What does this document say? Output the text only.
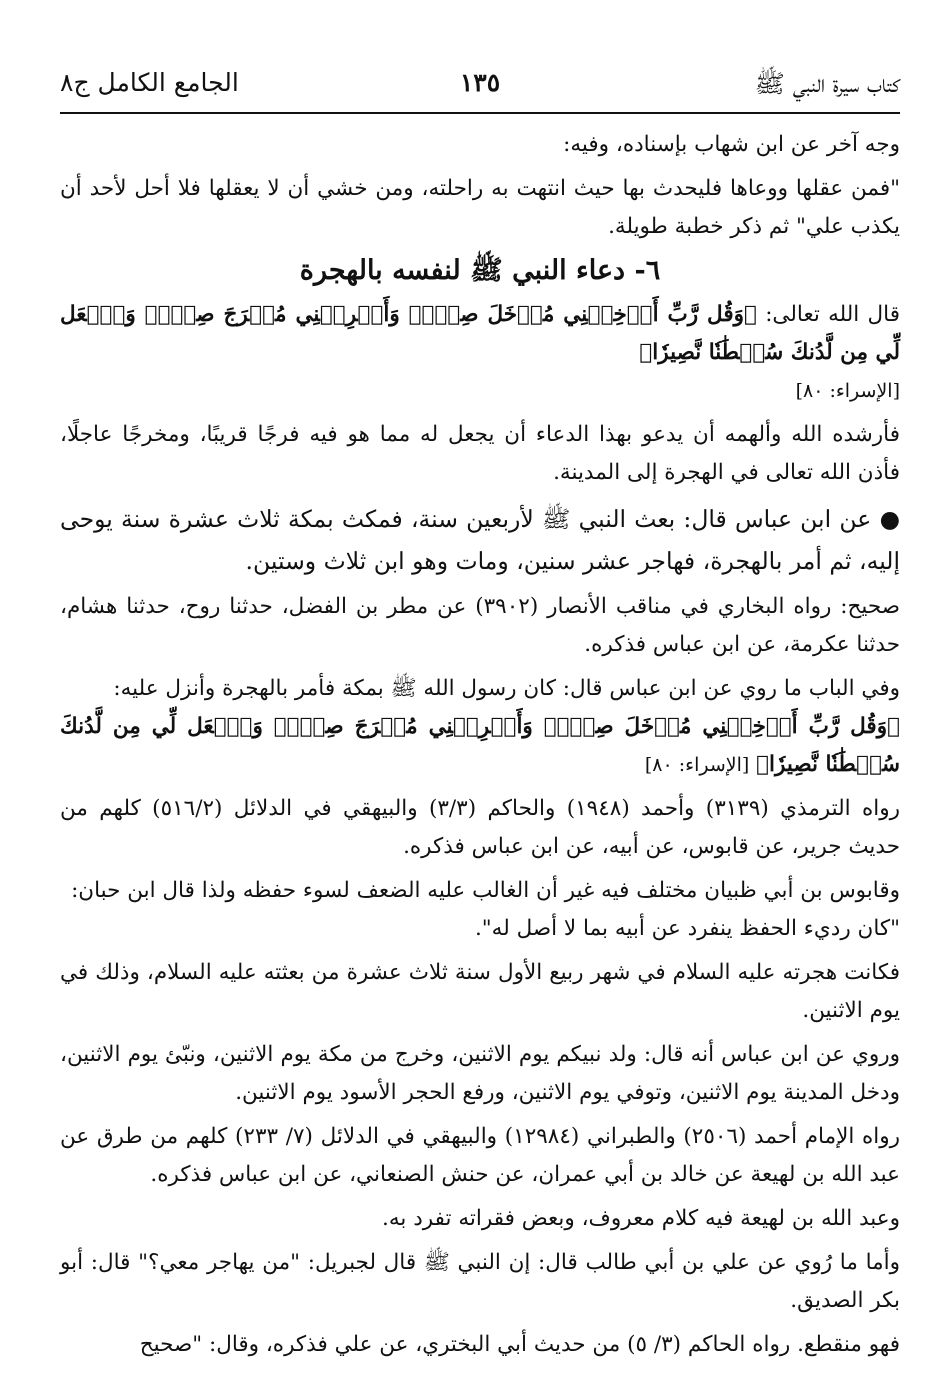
كتاب سيرة النبي ﷺ
١٣٥
الجامع الكامل ج٨

وجه آخر عن ابن شهاب بإسناده، وفيه:

"فمن عقلها ووعاها فليحدث بها حيث انتهت به راحلته، ومن خشي أن لا يعقلها فلا أحل لأحد أن يكذب علي" ثم ذكر خطبة طويلة.

٦- دعاء النبي ﷺ لنفسه بالهجرة

قال الله تعالى: ﴿وَقُل رَّبِّ أَدۡخِلۡنِي مُدۡخَلَ صِدۡقٖ وَأَخۡرِجۡنِي مُخۡرَجَ صِدۡقٖ وَٱجۡعَل لِّي مِن لَّدُنكَ سُلۡطَٰنٗا نَّصِيرٗا﴾
[الإسراء: ٨٠]

فأرشده الله وألهمه أن يدعو بهذا الدعاء أن يجعل له مما هو فيه فرجًا قريبًا، ومخرجًا عاجلًا، فأذن الله تعالى في الهجرة إلى المدينة.

● عن ابن عباس قال: بعث النبي ﷺ لأربعين سنة، فمكث بمكة ثلاث عشرة سنة يوحى إليه، ثم أمر بالهجرة، فهاجر عشر سنين، ومات وهو ابن ثلاث وستين.

صحيح: رواه البخاري في مناقب الأنصار (٣٩٠٢) عن مطر بن الفضل، حدثنا روح، حدثنا هشام، حدثنا عكرمة، عن ابن عباس فذكره.

وفي الباب ما روي عن ابن عباس قال: كان رسول الله ﷺ بمكة فأمر بالهجرة وأنزل عليه:
﴿وَقُل رَّبِّ أَدۡخِلۡنِي مُدۡخَلَ صِدۡقٖ وَأَخۡرِجۡنِي مُخۡرَجَ صِدۡقٖ وَٱجۡعَل لِّي مِن لَّدُنكَ سُلۡطَٰنٗا نَّصِيرٗا﴾ [الإسراء: ٨٠]

رواه الترمذي (٣١٣٩) وأحمد (١٩٤٨) والحاكم (٣/٣) والبيهقي في الدلائل (٥١٦/٢) كلهم من حديث جرير، عن قابوس، عن أبيه، عن ابن عباس فذكره.

وقابوس بن أبي ظبيان مختلف فيه غير أن الغالب عليه الضعف لسوء حفظه ولذا قال ابن حبان:
"كان رديء الحفظ ينفرد عن أبيه بما لا أصل له".

فكانت هجرته عليه السلام في شهر ربيع الأول سنة ثلاث عشرة من بعثته عليه السلام، وذلك في يوم الاثنين.

وروي عن ابن عباس أنه قال: ولد نبيكم يوم الاثنين، وخرج من مكة يوم الاثنين، ونبّئ يوم الاثنين، ودخل المدينة يوم الاثنين، وتوفي يوم الاثنين، ورفع الحجر الأسود يوم الاثنين.

رواه الإمام أحمد (٢٥٠٦) والطبراني (١٢٩٨٤) والبيهقي في الدلائل (٧/ ٢٣٣) كلهم من طرق عن عبد الله بن لهيعة عن خالد بن أبي عمران، عن حنش الصنعاني، عن ابن عباس فذكره.

وعبد الله بن لهيعة فيه كلام معروف، وبعض فقراته تفرد به.

وأما ما رُوي عن علي بن أبي طالب قال: إن النبي ﷺ قال لجبريل: "من يهاجر معي؟" قال: أبو بكر الصديق.

فهو منقطع. رواه الحاكم (٣/ ٥) من حديث أبي البختري، عن علي فذكره، وقال: "صحيح
